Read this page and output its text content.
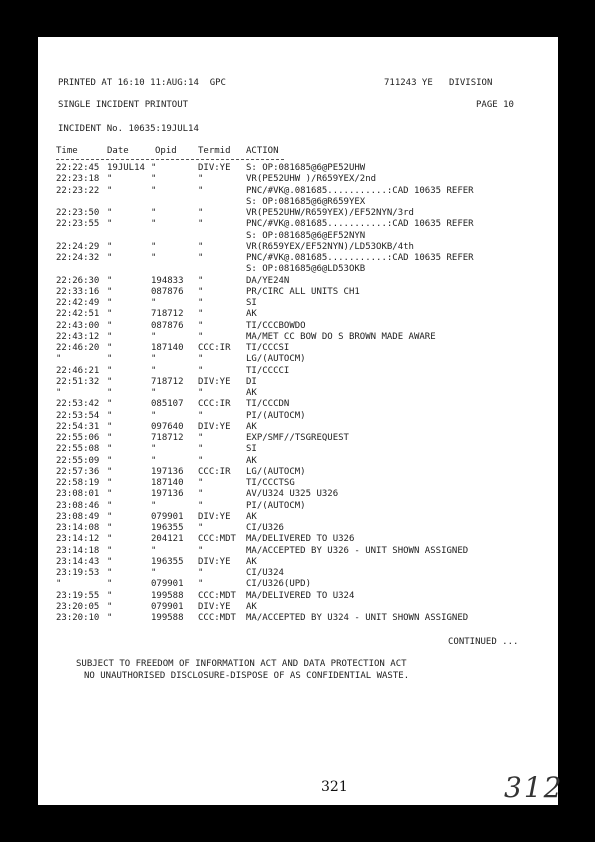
PRINTED AT 16:10 11:AUG:14  GPC	711243 YE   DIVISION
SINGLE INCIDENT PRINTOUT	PAGE 10
INCIDENT No. 10635:19JUL14
Time	Date	Opid Termid ACTION
22:22:45 19JUL14 "	DIV:YE S: OP:081685@6@PE52UHW
22:23:18 "	"	"	VR(PE52UHW )/R659YEX/2nd
22:23:22 "	"	"	PNC/#VK@.081685...........:CAD 10635 REFER
S: OP:081685@6@R659YEX
22:23:50 "	"	"	VR(PE52UHW/R659YEX)/EF52NYN/3rd
22:23:55 "	"	"	PNC/#VK@.081685...........:CAD 10635 REFER
S: OP:081685@6@EF52NYN
22:24:29 "	"	"	VR(R659YEX/EF52NYN)/LD53OKB/4th
22:24:32 "	"	"	PNC/#VK@.081685...........:CAD 10635 REFER
S: OP:081685@6@LD53OKB
22:26:30 "	194833 "	DA/YE24N
22:33:16 "	087876 "	PR/CIRC ALL UNITS CH1
22:42:49 "	"	"	SI
22:42:51 "	718712 "	AK
22:43:00 "	087876 "	TI/CCCBOWDO
22:43:12 "	"	"	MA/MET CC BOW DO S BROWN MADE AWARE
22:46:20 "	187140 CCC:IR TI/CCCSI
"	"	"	"	LG/(AUTOCM)
22:46:21 "	"	"	TI/CCCCI
22:51:32 "	718712 DIV:YE DI
"	"	"	"	AK
22:53:42 "	085107 CCC:IR TI/CCCDN
22:53:54 "	"	"	PI/(AUTOCM)
22:54:31 "	097640 DIV:YE AK
22:55:06 "	718712 "	EXP/SMF//TSGREQUEST
22:55:08 "	"	"	SI
22:55:09 "	"	"	AK
22:57:36 "	197136 CCC:IR LG/(AUTOCM)
22:58:19 "	187140 "	TI/CCCTSG
23:08:01 "	197136 "	AV/U324 U325 U326
23:08:46 "	"	"	PI/(AUTOCM)
23:08:49 "	079901 DIV:YE AK
23:14:08 "	196355 "	CI/U326
23:14:12 "	204121 CCC:MDT MA/DELIVERED TO U326
23:14:18 "	"	"	MA/ACCEPTED BY U326 - UNIT SHOWN ASSIGNED
23:14:43 "	196355 DIV:YE AK
23:19:53 "	"	"	CI/U324
"	"	079901 "	CI/U326(UPD)
23:19:55 "	199588 CCC:MDT MA/DELIVERED TO U324
23:20:05 "	079901 DIV:YE AK
23:20:10 "	199588 CCC:MDT MA/ACCEPTED BY U324 - UNIT SHOWN ASSIGNED
CONTINUED ...
SUBJECT TO FREEDOM OF INFORMATION ACT AND DATA PROTECTION ACT
NO UNAUTHORISED DISCLOSURE-DISPOSE OF AS CONFIDENTIAL WASTE.
321	312
